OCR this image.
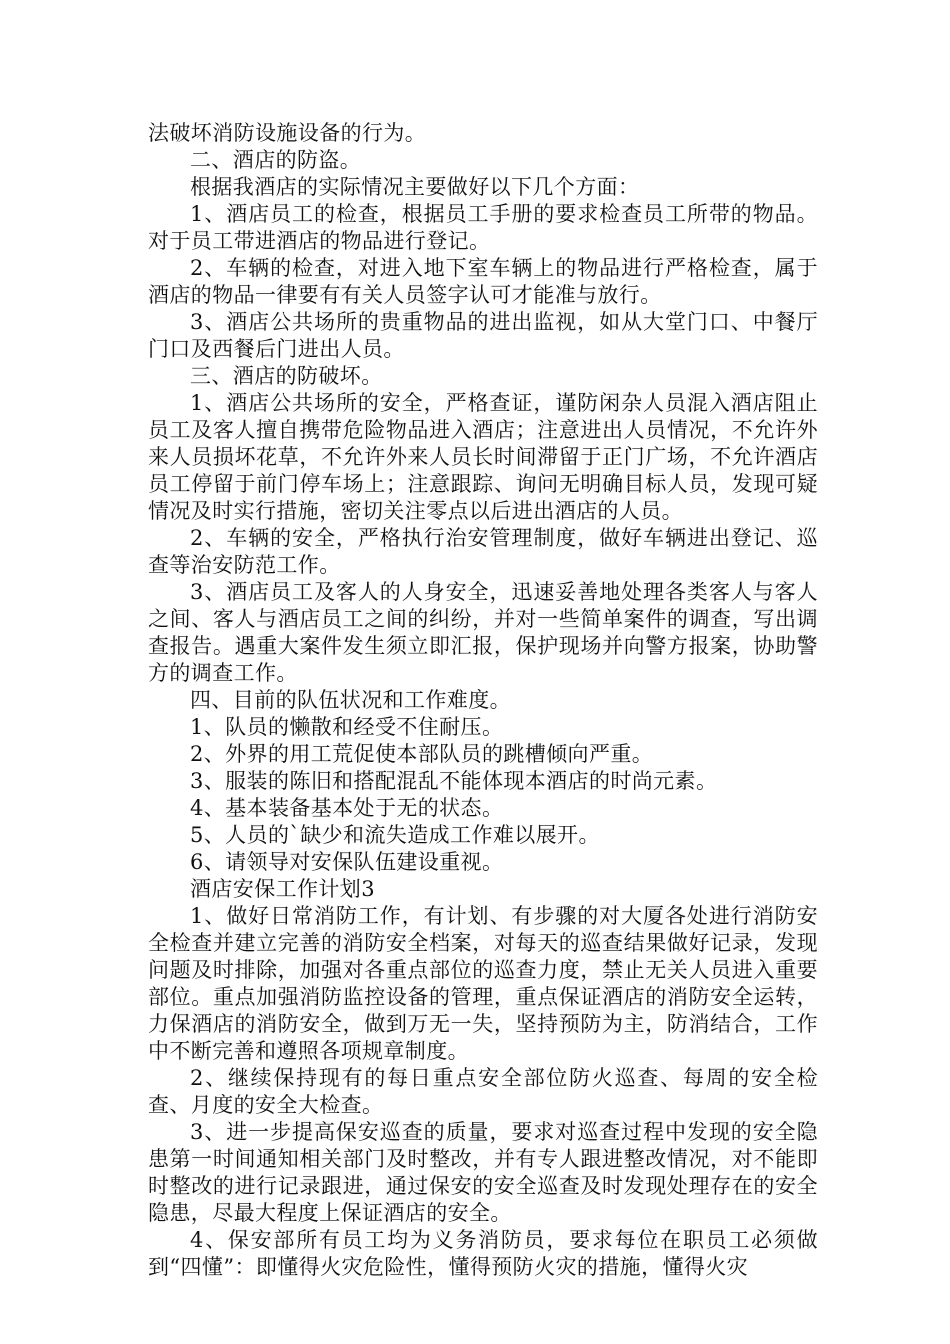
法破坏消防设施设备的行为。

二、酒店的防盗。

根据我酒店的实际情况主要做好以下几个方面：

1、酒店员工的检查，根据员工手册的要求检查员工所带的物品。对于员工带进酒店的物品进行登记。

2、车辆的检查，对进入地下室车辆上的物品进行严格检查，属于酒店的物品一律要有有关人员签字认可才能准与放行。

3、酒店公共场所的贵重物品的进出监视，如从大堂门口、中餐厅门口及西餐后门进出人员。

三、酒店的防破坏。

1、酒店公共场所的安全，严格查证，谨防闲杂人员混入酒店阻止员工及客人擅自携带危险物品进入酒店；注意进出人员情况，不允许外来人员损坏花草，不允许外来人员长时间滞留于正门广场，不允许酒店员工停留于前门停车场上；注意跟踪、询问无明确目标人员，发现可疑情况及时实行措施，密切关注零点以后进出酒店的人员。

2、车辆的安全，严格执行治安管理制度，做好车辆进出登记、巡查等治安防范工作。

3、酒店员工及客人的人身安全，迅速妥善地处理各类客人与客人之间、客人与酒店员工之间的纠纷，并对一些简单案件的调查，写出调查报告。遇重大案件发生须立即汇报，保护现场并向警方报案，协助警方的调查工作。

四、目前的队伍状况和工作难度。

1、队员的懒散和经受不住耐压。

2、外界的用工荒促使本部队员的跳槽倾向严重。

3、服装的陈旧和搭配混乱不能体现本酒店的时尚元素。

4、基本装备基本处于无的状态。

5、人员的`缺少和流失造成工作难以展开。

6、请领导对安保队伍建设重视。

酒店安保工作计划3

1、做好日常消防工作，有计划、有步骤的对大厦各处进行消防安全检查并建立完善的消防安全档案，对每天的巡查结果做好记录，发现问题及时排除，加强对各重点部位的巡查力度，禁止无关人员进入重要部位。重点加强消防监控设备的管理，重点保证酒店的消防安全运转，力保酒店的消防安全，做到万无一失，坚持预防为主，防消结合，工作中不断完善和遵照各项规章制度。

2、继续保持现有的每日重点安全部位防火巡查、每周的安全检查、月度的安全大检查。

3、进一步提高保安巡查的质量，要求对巡查过程中发现的安全隐患第一时间通知相关部门及时整改，并有专人跟进整改情况，对不能即时整改的进行记录跟进，通过保安的安全巡查及时发现处理存在的安全隐患，尽最大程度上保证酒店的安全。

4、保安部所有员工均为义务消防员，要求每位在职员工必须做到“四懂”：即懂得火灾危险性，懂得预防火灾的措施，懂得火灾
